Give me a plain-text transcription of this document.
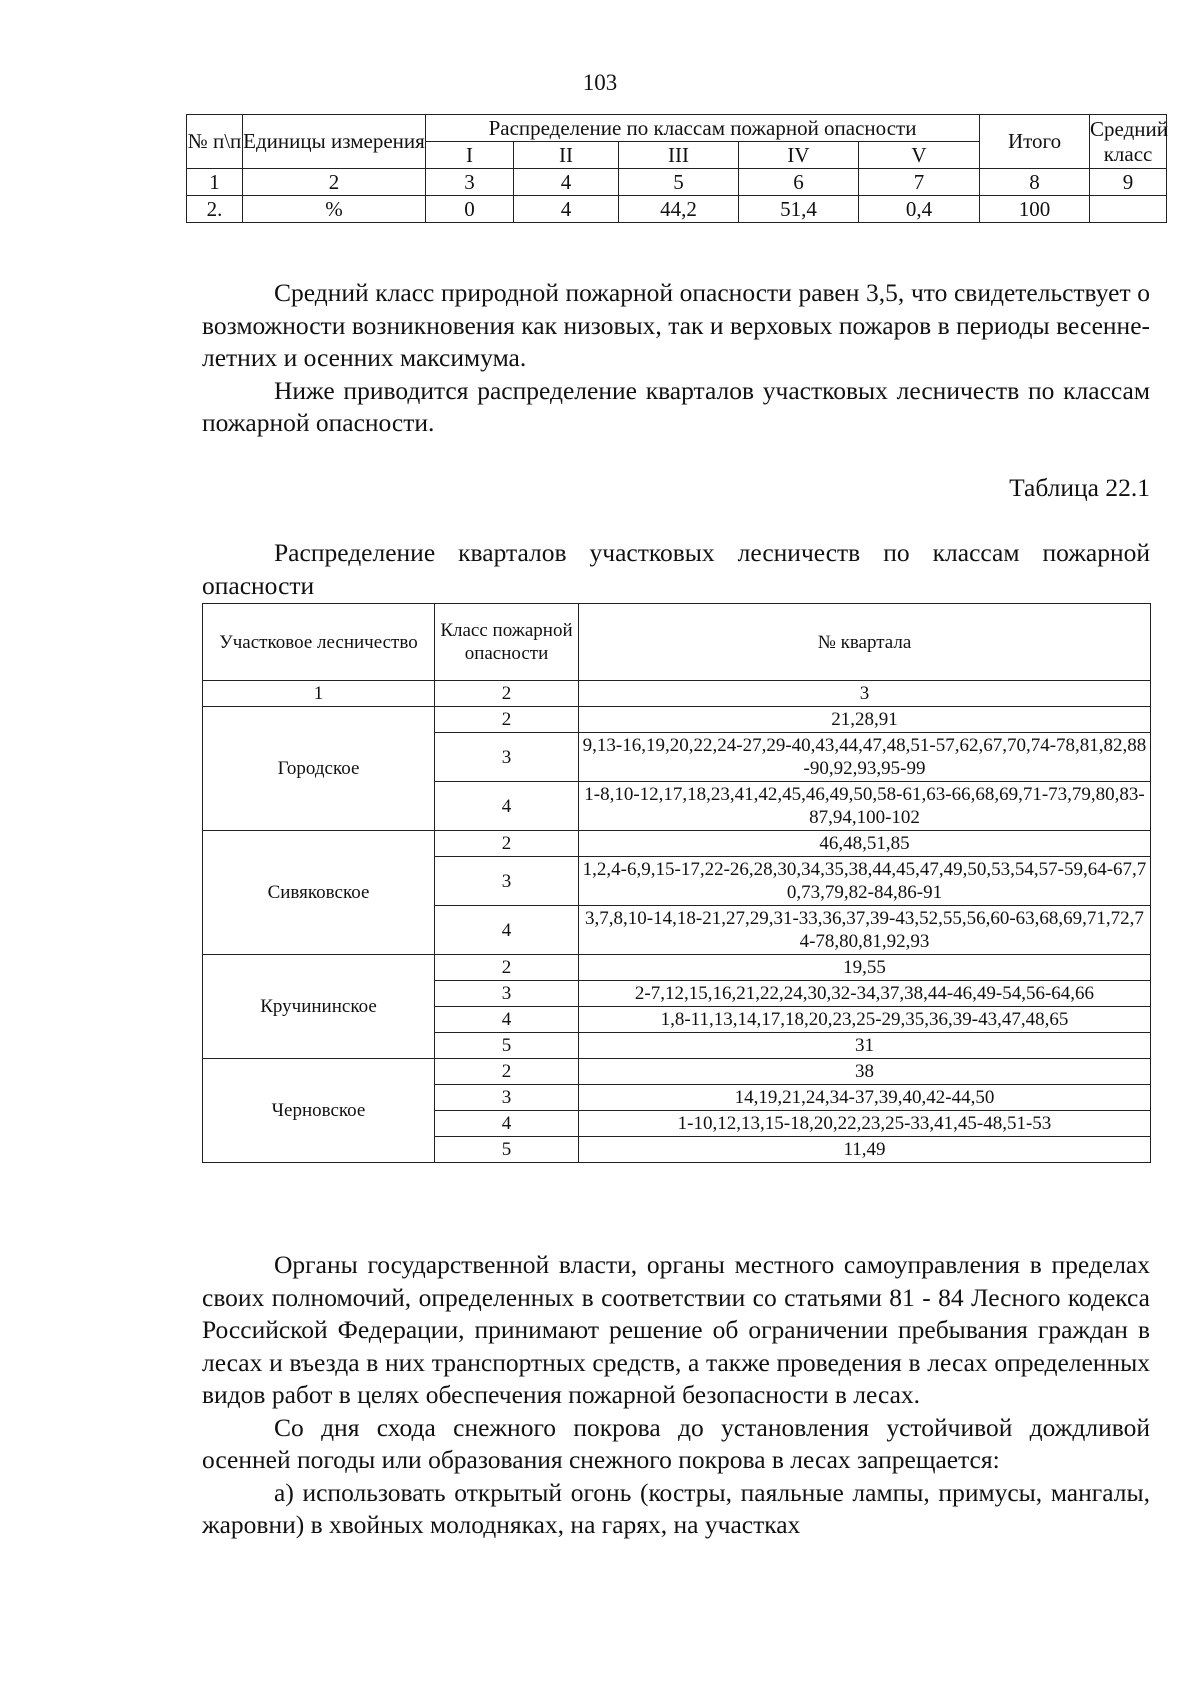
103
№ п\п	Единицы измерения	Распределение по классам пожарной опасности					Итого	Средний класс
		I	II	III	IV	V		
1	2	3	4	5	6	7	8	9
2.	%	0	4	44,2	51,4	0,4	100	

Средний класс природной пожарной опасности равен 3,5, что свидетельствует о возможности возникновения как низовых, так и верховых пожаров в периоды весенне-летних и осенних максимума.

Ниже приводится распределение кварталов участковых лесничеств по классам пожарной опасности.

Таблица 22.1

Распределение кварталов участковых лесничеств по классам пожарной опасности

Участковое лесничество	Класс пожарной опасности	№ квартала
1	2	3
Городское	2	21,28,91
	3	9,13-16,19,20,22,24-27,29-40,43,44,47,48,51-57,62,67,70,74-78,81,82,88-90,92,93,95-99
	4	1-8,10-12,17,18,23,41,42,45,46,49,50,58-61,63-66,68,69,71-73,79,80,83-87,94,100-102
Сивяковское	2	46,48,51,85
	3	1,2,4-6,9,15-17,22-26,28,30,34,35,38,44,45,47,49,50,53,54,57-59,64-67,70,73,79,82-84,86-91
	4	3,7,8,10-14,18-21,27,29,31-33,36,37,39-43,52,55,56,60-63,68,69,71,72,74-78,80,81,92,93
Кручининское	2	19,55
	3	2-7,12,15,16,21,22,24,30,32-34,37,38,44-46,49-54,56-64,66
	4	1,8-11,13,14,17,18,20,23,25-29,35,36,39-43,47,48,65
	5	31
Черновское	2	38
	3	14,19,21,24,34-37,39,40,42-44,50
	4	1-10,12,13,15-18,20,22,23,25-33,41,45-48,51-53
	5	11,49

Органы государственной власти, органы местного самоуправления в пределах своих полномочий, определенных в соответствии со статьями 81 - 84 Лесного кодекса Российской Федерации, принимают решение об ограничении пребывания граждан в лесах и въезда в них транспортных средств, а также проведения в лесах определенных видов работ в целях обеспечения пожарной безопасности в лесах.

Со дня схода снежного покрова до установления устойчивой дождливой осенней погоды или образования снежного покрова в лесах запрещается:

а) использовать открытый огонь (костры, паяльные лампы, примусы, мангалы, жаровни) в хвойных молодняках, на гарях, на участках
